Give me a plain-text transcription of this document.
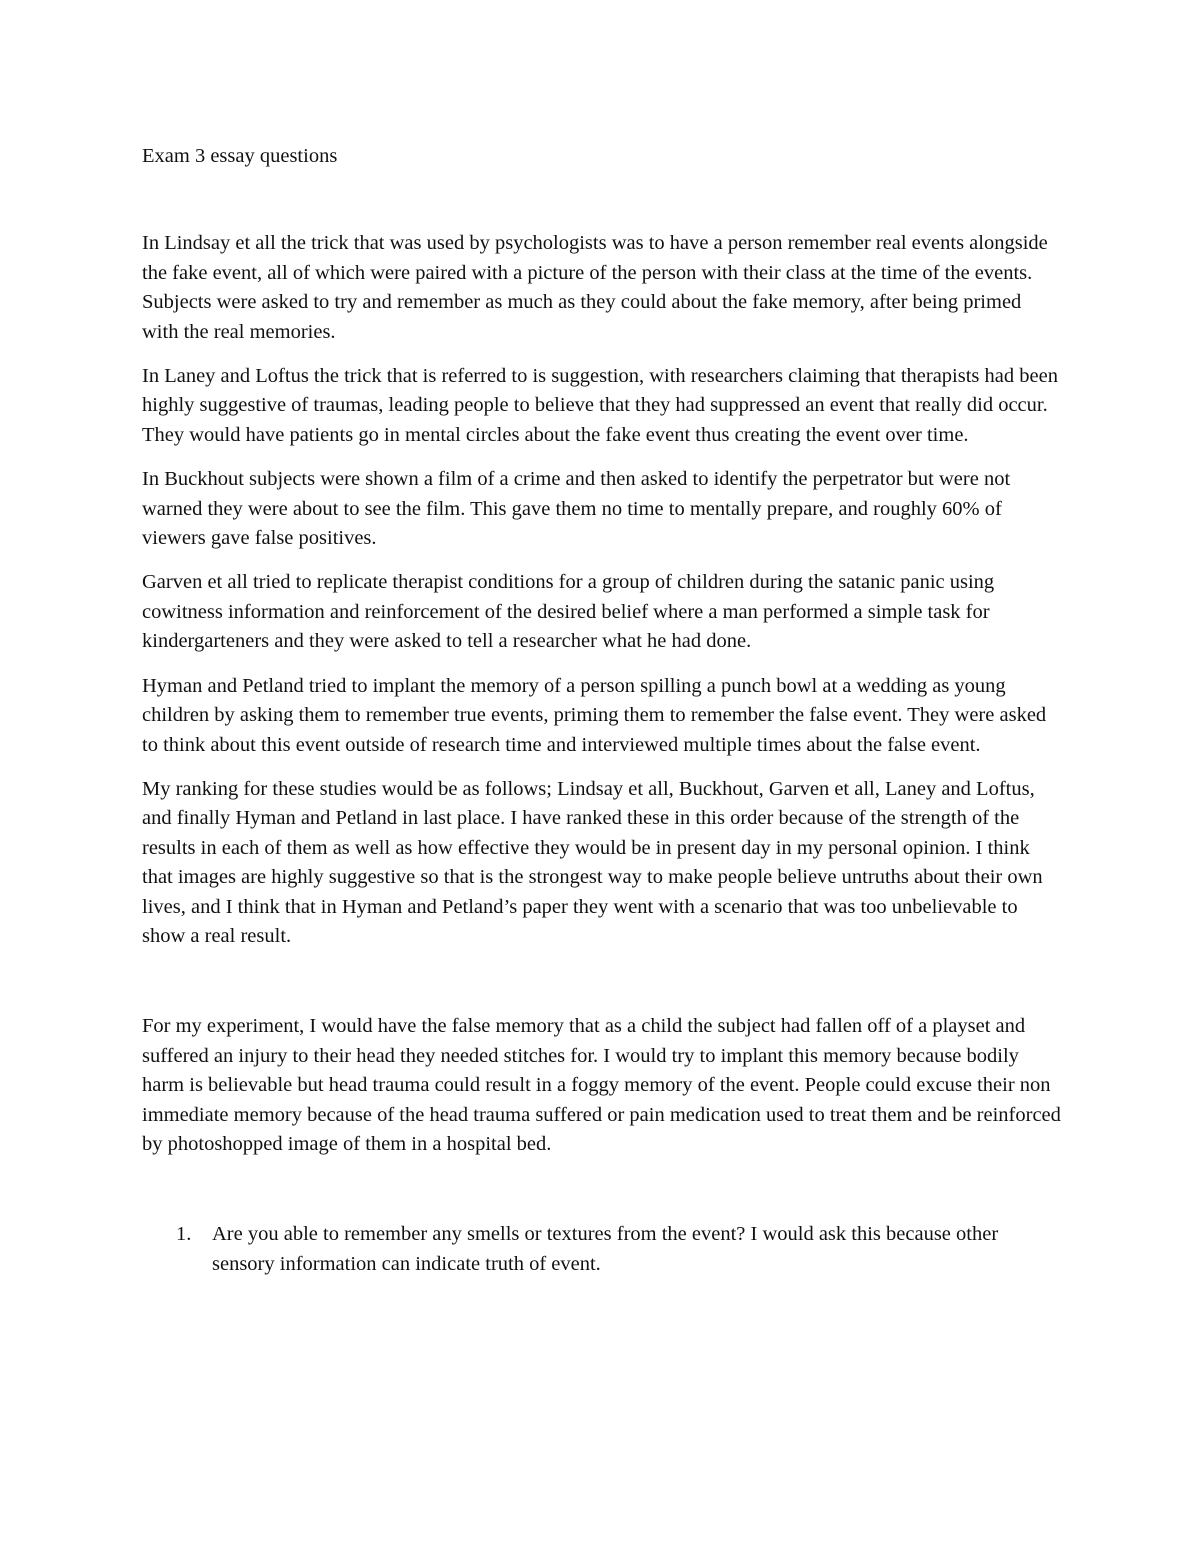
Exam 3 essay questions

In Lindsay et all the trick that was used by psychologists was to have a person remember real events alongside the fake event, all of which were paired with a picture of the person with their class at the time of the events. Subjects were asked to try and remember as much as they could about the fake memory, after being primed with the real memories.

In Laney and Loftus the trick that is referred to is suggestion, with researchers claiming that therapists had been highly suggestive of traumas, leading people to believe that they had suppressed an event that really did occur. They would have patients go in mental circles about the fake event thus creating the event over time.

In Buckhout subjects were shown a film of a crime and then asked to identify the perpetrator but were not warned they were about to see the film. This gave them no time to mentally prepare, and roughly 60% of viewers gave false positives.

Garven et all tried to replicate therapist conditions for a group of children during the satanic panic using cowitness information and reinforcement of the desired belief where a man performed a simple task for kindergarteners and they were asked to tell a researcher what he had done.

Hyman and Petland tried to implant the memory of a person spilling a punch bowl at a wedding as young children by asking them to remember true events, priming them to remember the false event. They were asked to think about this event outside of research time and interviewed multiple times about the false event.

My ranking for these studies would be as follows; Lindsay et all, Buckhout, Garven et all, Laney and Loftus, and finally Hyman and Petland in last place. I have ranked these in this order because of the strength of the results in each of them as well as how effective they would be in present day in my personal opinion. I think that images are highly suggestive so that is the strongest way to make people believe untruths about their own lives, and I think that in Hyman and Petland’s paper they went with a scenario that was too unbelievable to show a real result.

For my experiment, I would have the false memory that as a child the subject had fallen off of a playset and suffered an injury to their head they needed stitches for. I would try to implant this memory because bodily harm is believable but head trauma could result in a foggy memory of the event. People could excuse their non immediate memory because of the head trauma suffered or pain medication used to treat them and be reinforced by photoshopped image of them in a hospital bed.

1.	Are you able to remember any smells or textures from the event? I would ask this because other sensory information can indicate truth of event.
